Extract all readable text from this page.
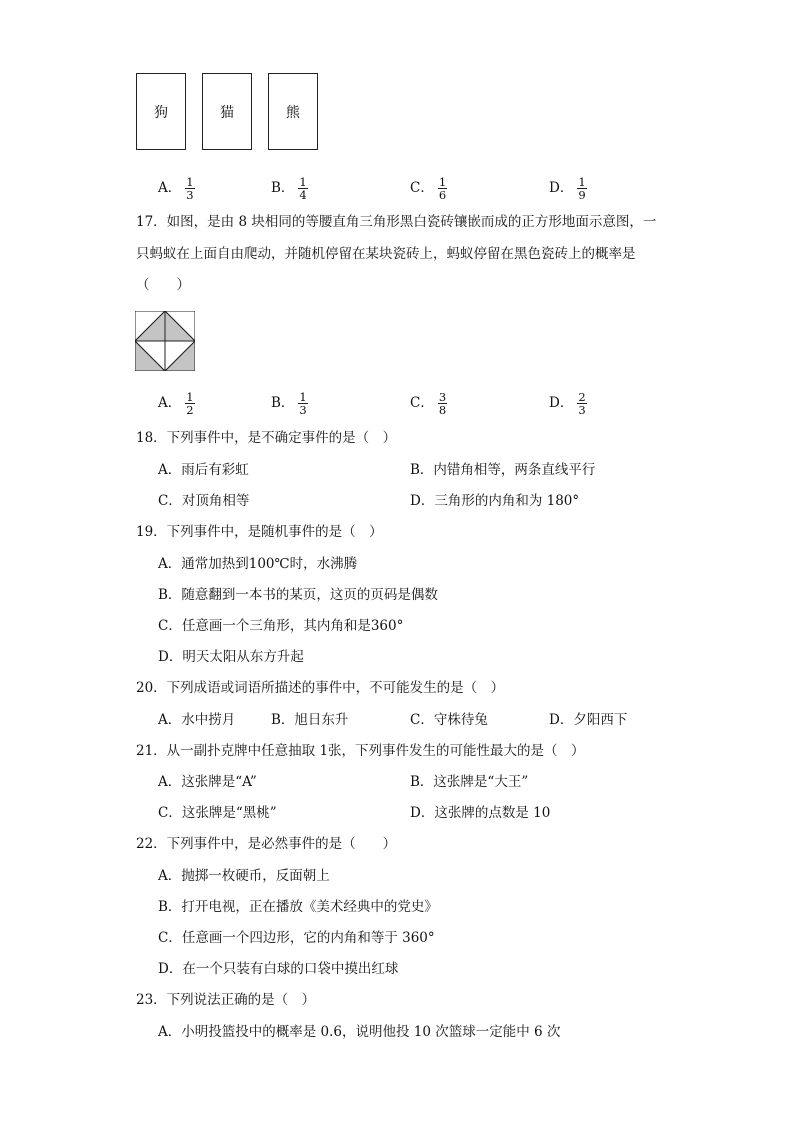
狗	猫	熊
A． $\frac{1}{3}$	B． $\frac{1}{4}$	C． $\frac{1}{6}$	D． $\frac{1}{9}$
17．如图，是由 8 块相同的等腰直角三角形黑白瓷砖镶嵌而成的正方形地面示意图，一
只蚂蚁在上面自由爬动，并随机停留在某块瓷砖上，蚂蚁停留在黑色瓷砖上的概率是
（　　）
A． $\frac{1}{2}$	B． $\frac{1}{3}$	C． $\frac{3}{8}$	D． $\frac{2}{3}$
18．下列事件中，是不确定事件的是（　）
A．雨后有彩虹	B．内错角相等，两条直线平行
C．对顶角相等	D．三角形的内角和为 180°
19．下列事件中，是随机事件的是（　）
A．通常加热到100℃时，水沸腾
B．随意翻到一本书的某页，这页的页码是偶数
C．任意画一个三角形，其内角和是360°
D．明天太阳从东方升起
20．下列成语或词语所描述的事件中，不可能发生的是（　）
A．水中捞月	B．旭日东升	C．守株待兔	D．夕阳西下
21．从一副扑克牌中任意抽取 1张，下列事件发生的可能性最大的是（　）
A．这张牌是“A”	B．这张牌是“大王”
C．这张牌是“黑桃”	D．这张牌的点数是 10
22．下列事件中，是必然事件的是（　　）
A．抛掷一枚硬币，反面朝上
B．打开电视，正在播放《美术经典中的党史》
C．任意画一个四边形，它的内角和等于 360°
D．在一个只装有白球的口袋中摸出红球
23．下列说法正确的是（　）
A．小明投篮投中的概率是 0.6，说明他投 10 次篮球一定能中 6 次
